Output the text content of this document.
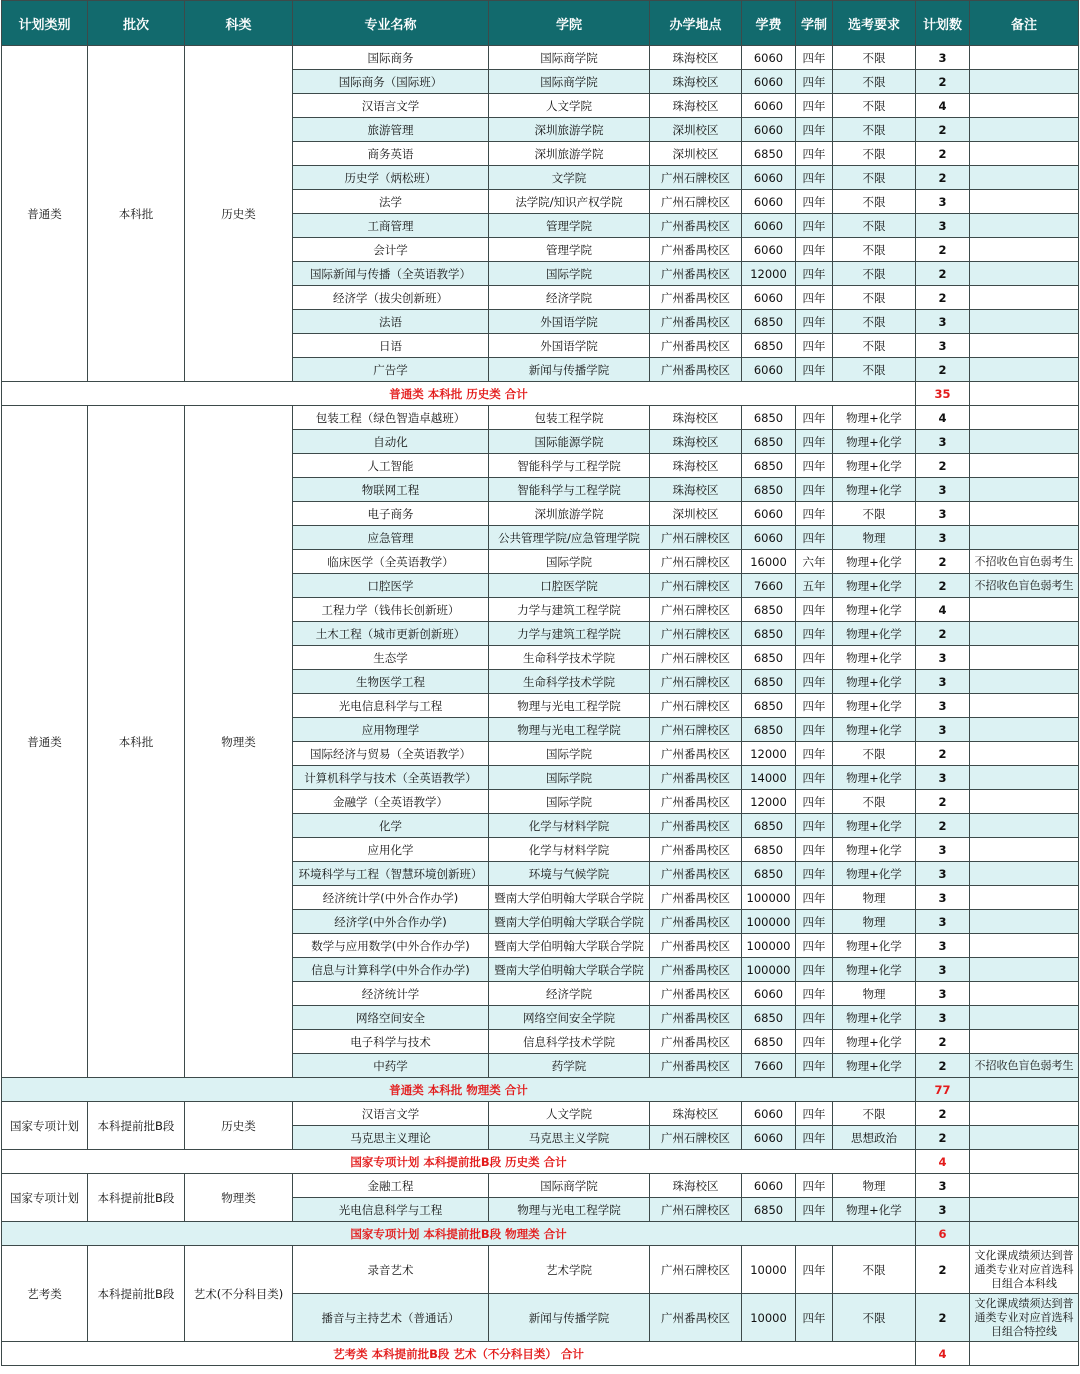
计划类别	批次	科类	专业名称	学院	办学地点	学费	学制	选考要求	计划数	备注
普通类	本科批	历史类	国际商务	国际商学院	珠海校区	6060	四年	不限	3	
			国际商务（国际班）	国际商学院	珠海校区	6060	四年	不限	2	
			汉语言文学	人文学院	珠海校区	6060	四年	不限	4	
			旅游管理	深圳旅游学院	深圳校区	6060	四年	不限	2	
			商务英语	深圳旅游学院	深圳校区	6850	四年	不限	2	
			历史学（炳松班）	文学院	广州石牌校区	6060	四年	不限	2	
			法学	法学院/知识产权学院	广州石牌校区	6060	四年	不限	3	
			工商管理	管理学院	广州番禺校区	6060	四年	不限	3	
			会计学	管理学院	广州番禺校区	6060	四年	不限	2	
			国际新闻与传播（全英语教学）	国际学院	广州番禺校区	12000	四年	不限	2	
			经济学（拔尖创新班）	经济学院	广州番禺校区	6060	四年	不限	2	
			法语	外国语学院	广州番禺校区	6850	四年	不限	3	
			日语	外国语学院	广州番禺校区	6850	四年	不限	3	
			广告学	新闻与传播学院	广州番禺校区	6060	四年	不限	2	
普通类 本科批 历史类 合计									35	
普通类	本科批	物理类	包装工程（绿色智造卓越班）	包装工程学院	珠海校区	6850	四年	物理+化学	4	
			自动化	国际能源学院	珠海校区	6850	四年	物理+化学	3	
			人工智能	智能科学与工程学院	珠海校区	6850	四年	物理+化学	2	
			物联网工程	智能科学与工程学院	珠海校区	6850	四年	物理+化学	3	
			电子商务	深圳旅游学院	深圳校区	6060	四年	不限	3	
			应急管理	公共管理学院/应急管理学院	广州石牌校区	6060	四年	物理	3	
			临床医学（全英语教学）	国际学院	广州石牌校区	16000	六年	物理+化学	2	不招收色盲色弱考生
			口腔医学	口腔医学院	广州石牌校区	7660	五年	物理+化学	2	不招收色盲色弱考生
			工程力学（钱伟长创新班）	力学与建筑工程学院	广州石牌校区	6850	四年	物理+化学	4	
			土木工程（城市更新创新班）	力学与建筑工程学院	广州石牌校区	6850	四年	物理+化学	2	
			生态学	生命科学技术学院	广州石牌校区	6850	四年	物理+化学	3	
			生物医学工程	生命科学技术学院	广州石牌校区	6850	四年	物理+化学	3	
			光电信息科学与工程	物理与光电工程学院	广州石牌校区	6850	四年	物理+化学	3	
			应用物理学	物理与光电工程学院	广州石牌校区	6850	四年	物理+化学	3	
			国际经济与贸易（全英语教学）	国际学院	广州番禺校区	12000	四年	不限	2	
			计算机科学与技术（全英语教学）	国际学院	广州番禺校区	14000	四年	物理+化学	3	
			金融学（全英语教学）	国际学院	广州番禺校区	12000	四年	不限	2	
			化学	化学与材料学院	广州番禺校区	6850	四年	物理+化学	2	
			应用化学	化学与材料学院	广州番禺校区	6850	四年	物理+化学	3	
			环境科学与工程（智慧环境创新班）	环境与气候学院	广州番禺校区	6850	四年	物理+化学	3	
			经济统计学(中外合作办学)	暨南大学伯明翰大学联合学院	广州番禺校区	100000	四年	物理	3	
			经济学(中外合作办学)	暨南大学伯明翰大学联合学院	广州番禺校区	100000	四年	物理	3	
			数学与应用数学(中外合作办学)	暨南大学伯明翰大学联合学院	广州番禺校区	100000	四年	物理+化学	3	
			信息与计算科学(中外合作办学)	暨南大学伯明翰大学联合学院	广州番禺校区	100000	四年	物理+化学	3	
			经济统计学	经济学院	广州番禺校区	6060	四年	物理	3	
			网络空间安全	网络空间安全学院	广州番禺校区	6850	四年	物理+化学	3	
			电子科学与技术	信息科学技术学院	广州番禺校区	6850	四年	物理+化学	2	
			中药学	药学院	广州番禺校区	7660	四年	物理+化学	2	不招收色盲色弱考生
普通类 本科批 物理类 合计									77	
国家专项计划	本科提前批B段	历史类	汉语言文学	人文学院	珠海校区	6060	四年	不限	2	
			马克思主义理论	马克思主义学院	广州石牌校区	6060	四年	思想政治	2	
国家专项计划 本科提前批B段 历史类 合计									4	
国家专项计划	本科提前批B段	物理类	金融工程	国际商学院	珠海校区	6060	四年	物理	3	
			光电信息科学与工程	物理与光电工程学院	广州石牌校区	6850	四年	物理+化学	3	
国家专项计划 本科提前批B段 物理类 合计									6	
艺考类	本科提前批B段	艺术(不分科目类)	录音艺术	艺术学院	广州石牌校区	10000	四年	不限	2	文化课成绩须达到普通类专业对应首选科目组合本科线
			播音与主持艺术（普通话）	新闻与传播学院	广州番禺校区	10000	四年	不限	2	文化课成绩须达到普通类专业对应首选科目组合特控线
艺考类 本科提前批B段 艺术（不分科目类） 合计									4	
